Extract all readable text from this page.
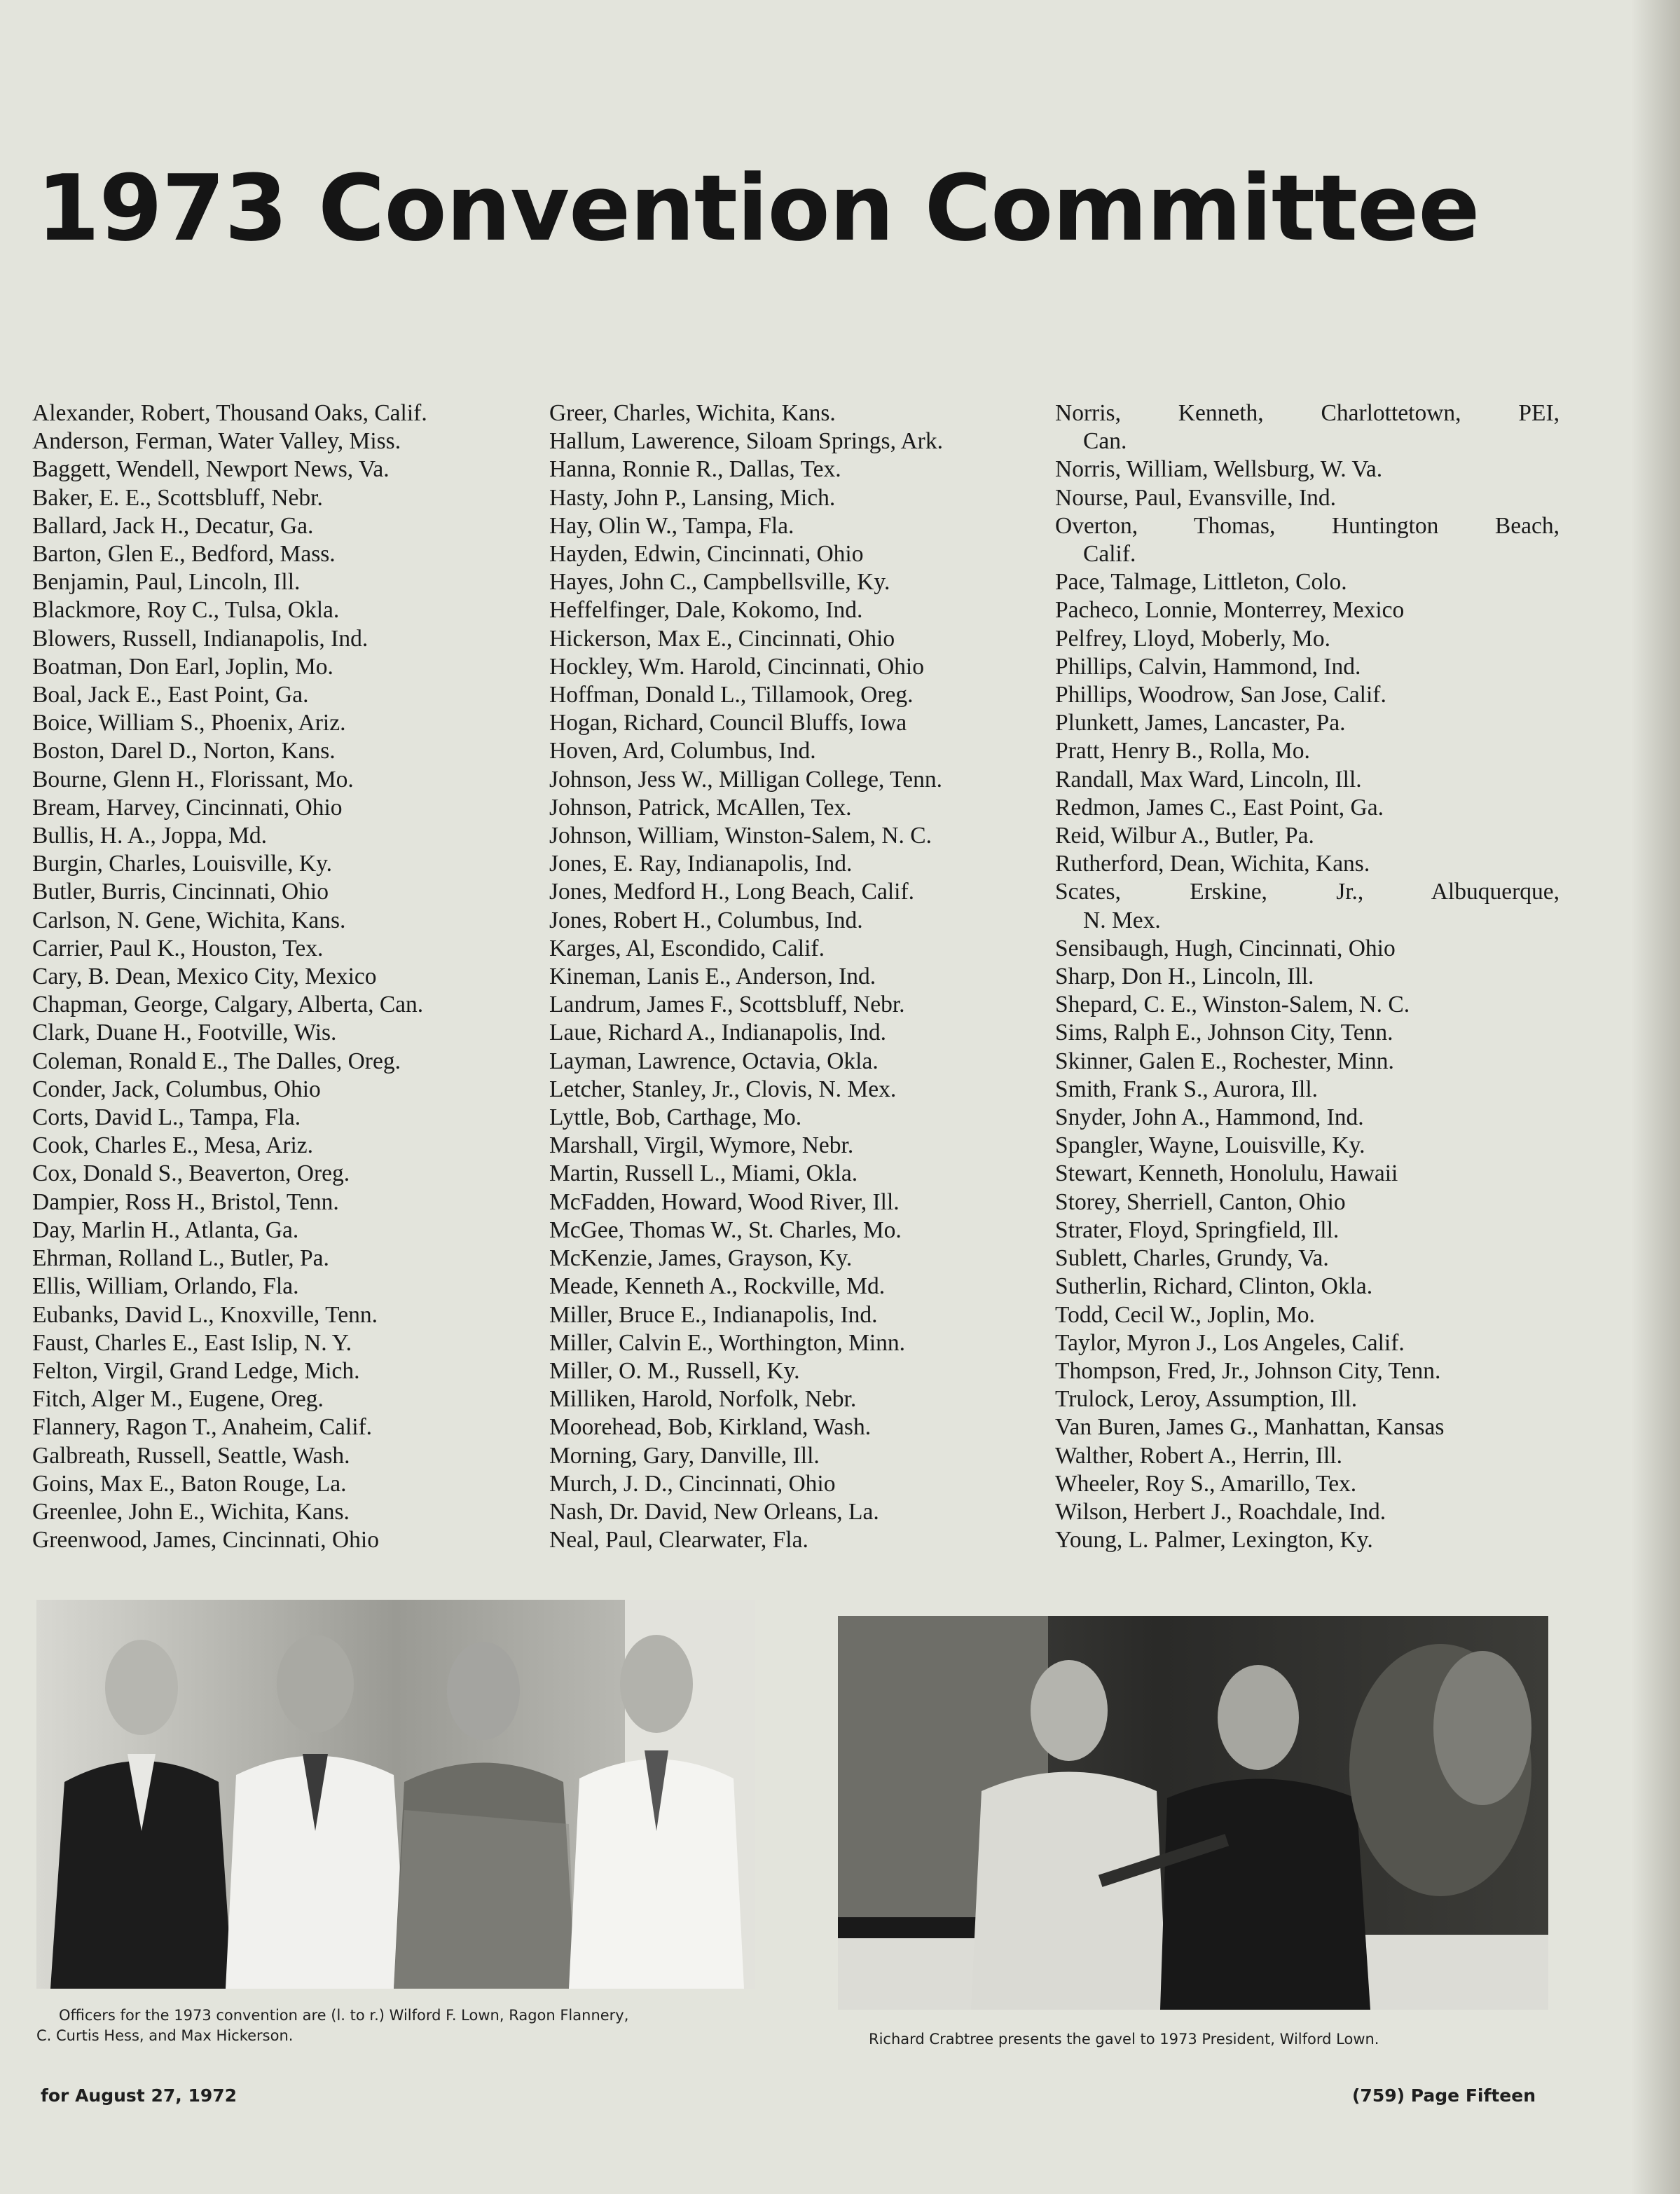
1973 Convention Committee
Alexander, Robert, Thousand Oaks, Calif.
Anderson, Ferman, Water Valley, Miss.
Baggett, Wendell, Newport News, Va.
Baker, E. E., Scottsbluff, Nebr.
Ballard, Jack H., Decatur, Ga.
Barton, Glen E., Bedford, Mass.
Benjamin, Paul, Lincoln, Ill.
Blackmore, Roy C., Tulsa, Okla.
Blowers, Russell, Indianapolis, Ind.
Boatman, Don Earl, Joplin, Mo.
Boal, Jack E., East Point, Ga.
Boice, William S., Phoenix, Ariz.
Boston, Darel D., Norton, Kans.
Bourne, Glenn H., Florissant, Mo.
Bream, Harvey, Cincinnati, Ohio
Bullis, H. A., Joppa, Md.
Burgin, Charles, Louisville, Ky.
Butler, Burris, Cincinnati, Ohio
Carlson, N. Gene, Wichita, Kans.
Carrier, Paul K., Houston, Tex.
Cary, B. Dean, Mexico City, Mexico
Chapman, George, Calgary, Alberta, Can.
Clark, Duane H., Footville, Wis.
Coleman, Ronald E., The Dalles, Oreg.
Conder, Jack, Columbus, Ohio
Corts, David L., Tampa, Fla.
Cook, Charles E., Mesa, Ariz.
Cox, Donald S., Beaverton, Oreg.
Dampier, Ross H., Bristol, Tenn.
Day, Marlin H., Atlanta, Ga.
Ehrman, Rolland L., Butler, Pa.
Ellis, William, Orlando, Fla.
Eubanks, David L., Knoxville, Tenn.
Faust, Charles E., East Islip, N. Y.
Felton, Virgil, Grand Ledge, Mich.
Fitch, Alger M., Eugene, Oreg.
Flannery, Ragon T., Anaheim, Calif.
Galbreath, Russell, Seattle, Wash.
Goins, Max E., Baton Rouge, La.
Greenlee, John E., Wichita, Kans.
Greenwood, James, Cincinnati, Ohio
Greer, Charles, Wichita, Kans.
Hallum, Lawerence, Siloam Springs, Ark.
Hanna, Ronnie R., Dallas, Tex.
Hasty, John P., Lansing, Mich.
Hay, Olin W., Tampa, Fla.
Hayden, Edwin, Cincinnati, Ohio
Hayes, John C., Campbellsville, Ky.
Heffelfinger, Dale, Kokomo, Ind.
Hickerson, Max E., Cincinnati, Ohio
Hockley, Wm. Harold, Cincinnati, Ohio
Hoffman, Donald L., Tillamook, Oreg.
Hogan, Richard, Council Bluffs, Iowa
Hoven, Ard, Columbus, Ind.
Johnson, Jess W., Milligan College, Tenn.
Johnson, Patrick, McAllen, Tex.
Johnson, William, Winston-Salem, N. C.
Jones, E. Ray, Indianapolis, Ind.
Jones, Medford H., Long Beach, Calif.
Jones, Robert H., Columbus, Ind.
Karges, Al, Escondido, Calif.
Kineman, Lanis E., Anderson, Ind.
Landrum, James F., Scottsbluff, Nebr.
Laue, Richard A., Indianapolis, Ind.
Layman, Lawrence, Octavia, Okla.
Letcher, Stanley, Jr., Clovis, N. Mex.
Lyttle, Bob, Carthage, Mo.
Marshall, Virgil, Wymore, Nebr.
Martin, Russell L., Miami, Okla.
McFadden, Howard, Wood River, Ill.
McGee, Thomas W., St. Charles, Mo.
McKenzie, James, Grayson, Ky.
Meade, Kenneth A., Rockville, Md.
Miller, Bruce E., Indianapolis, Ind.
Miller, Calvin E., Worthington, Minn.
Miller, O. M., Russell, Ky.
Milliken, Harold, Norfolk, Nebr.
Moorehead, Bob, Kirkland, Wash.
Morning, Gary, Danville, Ill.
Murch, J. D., Cincinnati, Ohio
Nash, Dr. David, New Orleans, La.
Neal, Paul, Clearwater, Fla.
Norris, Kenneth, Charlottetown, PEI,
Can.
Norris, William, Wellsburg, W. Va.
Nourse, Paul, Evansville, Ind.
Overton, Thomas, Huntington Beach,
Calif.
Pace, Talmage, Littleton, Colo.
Pacheco, Lonnie, Monterrey, Mexico
Pelfrey, Lloyd, Moberly, Mo.
Phillips, Calvin, Hammond, Ind.
Phillips, Woodrow, San Jose, Calif.
Plunkett, James, Lancaster, Pa.
Pratt, Henry B., Rolla, Mo.
Randall, Max Ward, Lincoln, Ill.
Redmon, James C., East Point, Ga.
Reid, Wilbur A., Butler, Pa.
Rutherford, Dean, Wichita, Kans.
Scates, Erskine, Jr., Albuquerque,
N. Mex.
Sensibaugh, Hugh, Cincinnati, Ohio
Sharp, Don H., Lincoln, Ill.
Shepard, C. E., Winston-Salem, N. C.
Sims, Ralph E., Johnson City, Tenn.
Skinner, Galen E., Rochester, Minn.
Smith, Frank S., Aurora, Ill.
Snyder, John A., Hammond, Ind.
Spangler, Wayne, Louisville, Ky.
Stewart, Kenneth, Honolulu, Hawaii
Storey, Sherriell, Canton, Ohio
Strater, Floyd, Springfield, Ill.
Sublett, Charles, Grundy, Va.
Sutherlin, Richard, Clinton, Okla.
Todd, Cecil W., Joplin, Mo.
Taylor, Myron J., Los Angeles, Calif.
Thompson, Fred, Jr., Johnson City, Tenn.
Trulock, Leroy, Assumption, Ill.
Van Buren, James G., Manhattan, Kansas
Walther, Robert A., Herrin, Ill.
Wheeler, Roy S., Amarillo, Tex.
Wilson, Herbert J., Roachdale, Ind.
Young, L. Palmer, Lexington, Ky.

Officers for the 1973 convention are (l. to r.) Wilford F. Lown, Ragon Flannery,
C. Curtis Hess, and Max Hickerson.	Richard Crabtree presents the gavel to 1973 President, Wilford Lown.

for August 27, 1972	(759) Page Fifteen
